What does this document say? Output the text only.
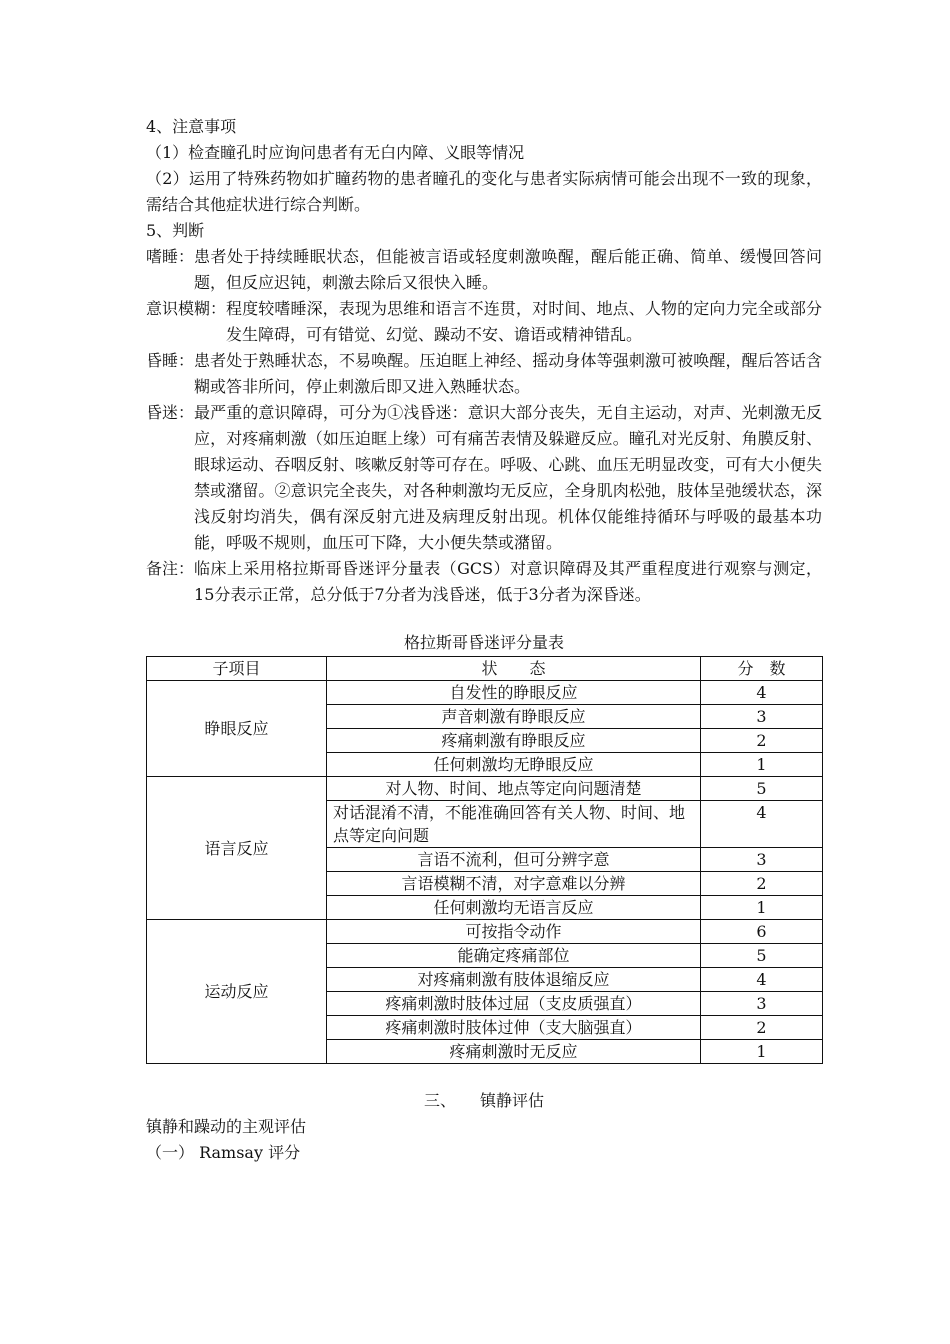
4、注意事项

（1）检查瞳孔时应询问患者有无白内障、义眼等情况

（2）运用了特殊药物如扩瞳药物的患者瞳孔的变化与患者实际病情可能会出现不一致的现象，需结合其他症状进行综合判断。

5、判断

嗜睡： 患者处于持续睡眠状态，但能被言语或轻度刺激唤醒，醒后能正确、简单、缓慢回答问题，但反应迟钝，刺激去除后又很快入睡。
意识模糊： 程度较嗜睡深，表现为思维和语言不连贯，对时间、地点、人物的定向力完全或部分发生障碍，可有错觉、幻觉、躁动不安、谵语或精神错乱。
昏睡： 患者处于熟睡状态，不易唤醒。压迫眶上神经、摇动身体等强刺激可被唤醒，醒后答话含糊或答非所问，停止刺激后即又进入熟睡状态。
昏迷： 最严重的意识障碍，可分为①浅昏迷：意识大部分丧失，无自主运动，对声、光刺激无反应，对疼痛刺激（如压迫眶上缘）可有痛苦表情及躲避反应。瞳孔对光反射、角膜反射、眼球运动、吞咽反射、咳嗽反射等可存在。呼吸、心跳、血压无明显改变，可有大小便失禁或潴留。②意识完全丧失，对各种刺激均无反应，全身肌肉松弛，肢体呈弛缓状态，深浅反射均消失，偶有深反射亢进及病理反射出现。机体仅能维持循环与呼吸的最基本功能，呼吸不规则，血压可下降，大小便失禁或潴留。
备注： 临床上采用格拉斯哥昏迷评分量表（GCS）对意识障碍及其严重程度进行观察与测定，15分表示正常，总分低于7分者为浅昏迷，低于3分者为深昏迷。

格拉斯哥昏迷评分量表

子项目	状　　态	分　数
睁眼反应	自发性的睁眼反应	4
	声音刺激有睁眼反应	3
	疼痛刺激有睁眼反应	2
	任何刺激均无睁眼反应	1
语言反应	对人物、时间、地点等定向问题清楚	5
	对话混淆不清，不能准确回答有关人物、时间、地点等定向问题	4
	言语不流利，但可分辨字意	3
	言语模糊不清，对字意难以分辨	2
	任何刺激均无语言反应	1
运动反应	可按指令动作	6
	能确定疼痛部位	5
	对疼痛刺激有肢体退缩反应	4
	疼痛刺激时肢体过屈（支皮质强直）	3
	疼痛刺激时肢体过伸（支大脑强直）	2
	疼痛刺激时无反应	1

三、　　镇静评估

镇静和躁动的主观评估

（一） Ramsay 评分
